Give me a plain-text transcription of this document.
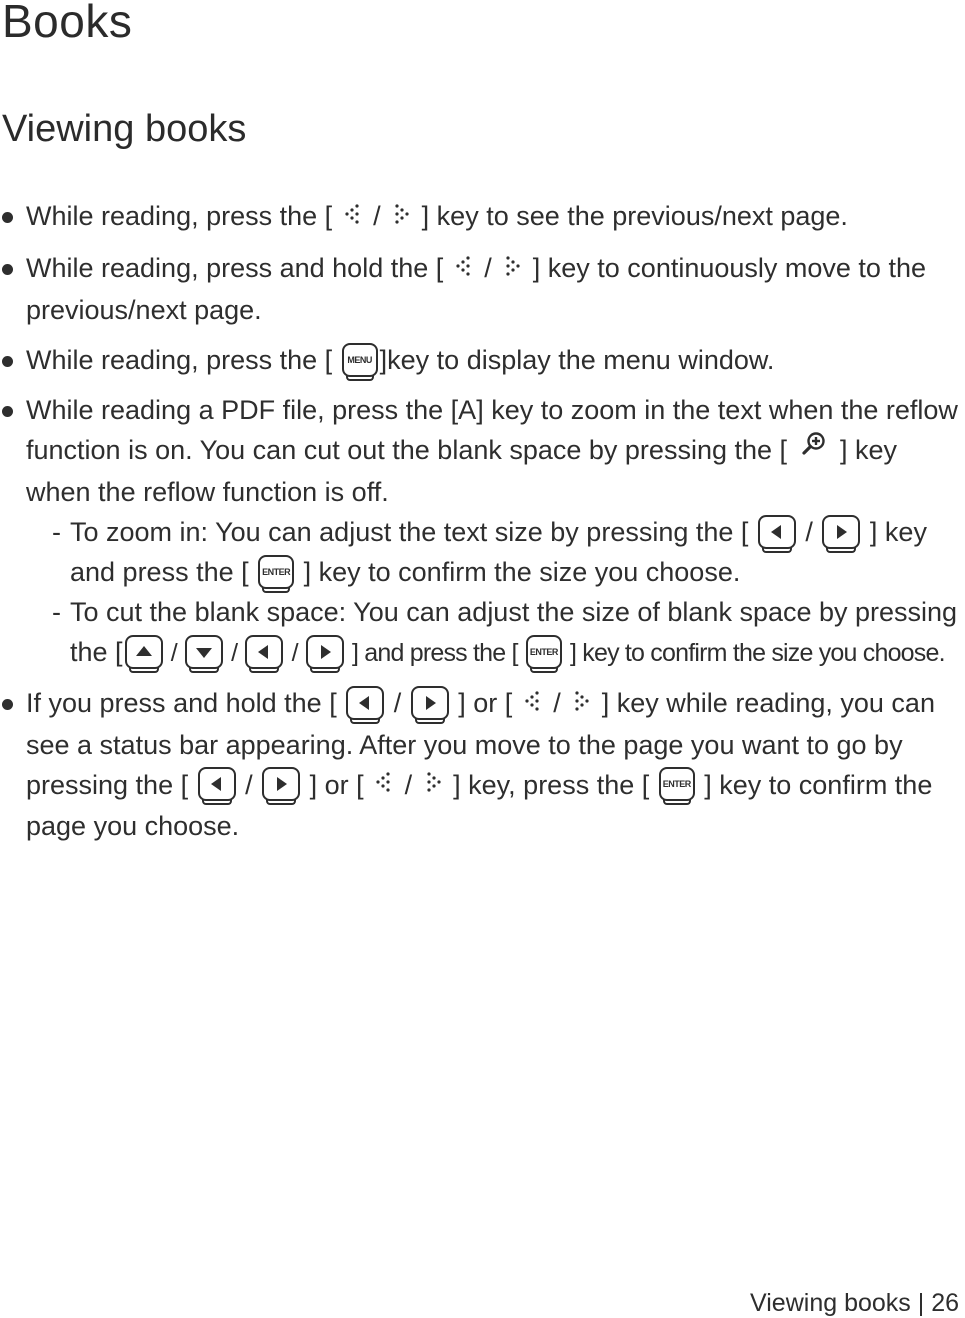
Books
Viewing books
While reading, press the [  /  ] key to see the previous/next page.
While reading, press and hold the [  /  ] key to continuously move to the previous/next page.
While reading, press the [ MENU ]key to display the menu window.
While reading a PDF file, press the [A] key to zoom in the text when the reflow function is on. You can cut out the blank space by pressing the [  ] key when the reflow function is off.
- To zoom in: You can adjust the text size by pressing the [
/
] key and press the [ ENTER ] key to confirm the size you choose.
- To cut the blank space: You can adjust the size of blank space by pressing the [
/
/
/
] and press the [ ENTER ] key to confirm the size you choose.
If you press and hold the [
/
] or [  /  ] key while reading, you can see a status bar appearing. After you move to the page you want to go by pressing the [
/
] or [  /  ] key, press the [ ENTER ] key to confirm the page you choose.
Viewing books | 26
